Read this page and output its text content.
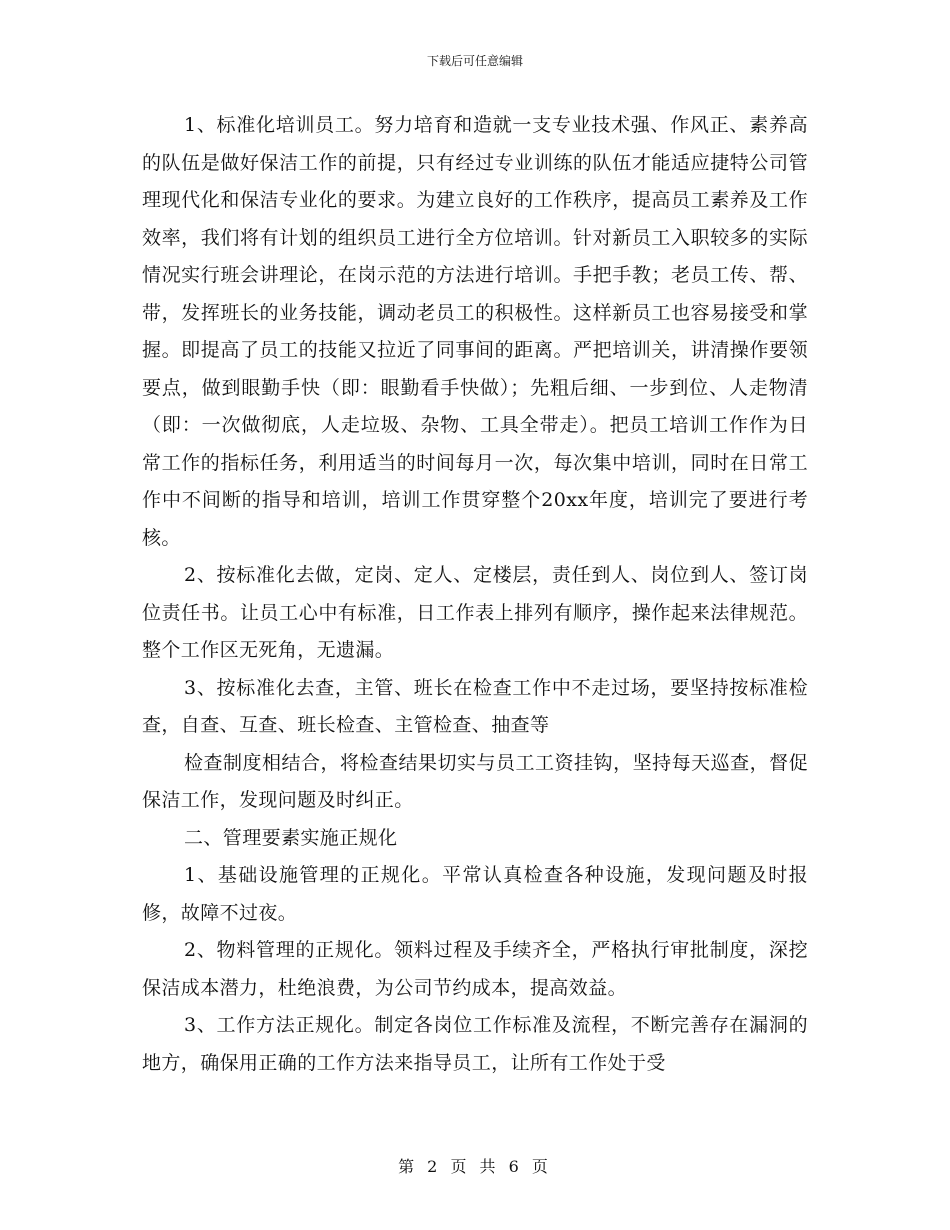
下载后可任意编辑

1、标准化培训员工。努力培育和造就一支专业技术强、作风正、素养高的队伍是做好保洁工作的前提，只有经过专业训练的队伍才能适应捷特公司管理现代化和保洁专业化的要求。为建立良好的工作秩序，提高员工素养及工作效率，我们将有计划的组织员工进行全方位培训。针对新员工入职较多的实际情况实行班会讲理论，在岗示范的方法进行培训。手把手教；老员工传、帮、带，发挥班长的业务技能，调动老员工的积极性。这样新员工也容易接受和掌握。即提高了员工的技能又拉近了同事间的距离。严把培训关，讲清操作要领要点，做到眼勤手快（即：眼勤看手快做）；先粗后细、一步到位、人走物清（即：一次做彻底，人走垃圾、杂物、工具全带走）。把员工培训工作作为日常工作的指标任务，利用适当的时间每月一次，每次集中培训，同时在日常工作中不间断的指导和培训，培训工作贯穿整个20xx年度，培训完了要进行考核。

2、按标准化去做，定岗、定人、定楼层，责任到人、岗位到人、签订岗位责任书。让员工心中有标准，日工作表上排列有顺序，操作起来法律规范。整个工作区无死角，无遗漏。

3、按标准化去查，主管、班长在检查工作中不走过场，要坚持按标准检查，自查、互查、班长检查、主管检查、抽查等

检查制度相结合，将检查结果切实与员工工资挂钩，坚持每天巡查，督促保洁工作，发现问题及时纠正。

二、管理要素实施正规化

1、基础设施管理的正规化。平常认真检查各种设施，发现问题及时报修，故障不过夜。

2、物料管理的正规化。领料过程及手续齐全，严格执行审批制度，深挖保洁成本潜力，杜绝浪费，为公司节约成本，提高效益。

3、工作方法正规化。制定各岗位工作标准及流程，不断完善存在漏洞的地方，确保用正确的工作方法来指导员工，让所有工作处于受

第 2 页 共 6 页
